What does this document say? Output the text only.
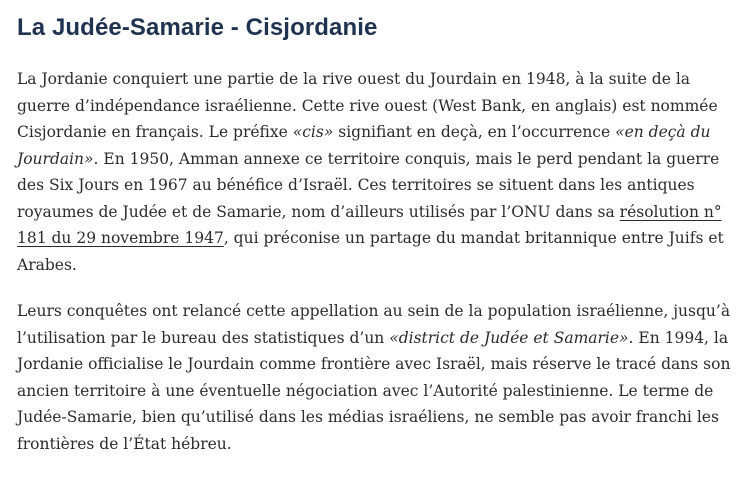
La Judée-Samarie - Cisjordanie

La Jordanie conquiert une partie de la rive ouest du Jourdain en 1948, à la suite de la guerre d’indépendance israélienne. Cette rive ouest (West Bank, en anglais) est nommée Cisjordanie en français. Le préfixe «cis» signifiant en deçà, en l’occurrence «en deçà du Jourdain». En 1950, Amman annexe ce territoire conquis, mais le perd pendant la guerre des Six Jours en 1967 au bénéfice d’Israël. Ces territoires se situent dans les antiques royaumes de Judée et de Samarie, nom d’ailleurs utilisés par l’ONU dans sa résolution n° 181 du 29 novembre 1947, qui préconise un partage du mandat britannique entre Juifs et Arabes.

Leurs conquêtes ont relancé cette appellation au sein de la population israélienne, jusqu’à l’utilisation par le bureau des statistiques d’un «district de Judée et Samarie». En 1994, la Jordanie officialise le Jourdain comme frontière avec Israël, mais réserve le tracé dans son ancien territoire à une éventuelle négociation avec l’Autorité palestinienne. Le terme de Judée-Samarie, bien qu’utilisé dans les médias israéliens, ne semble pas avoir franchi les frontières de l’État hébreu.
